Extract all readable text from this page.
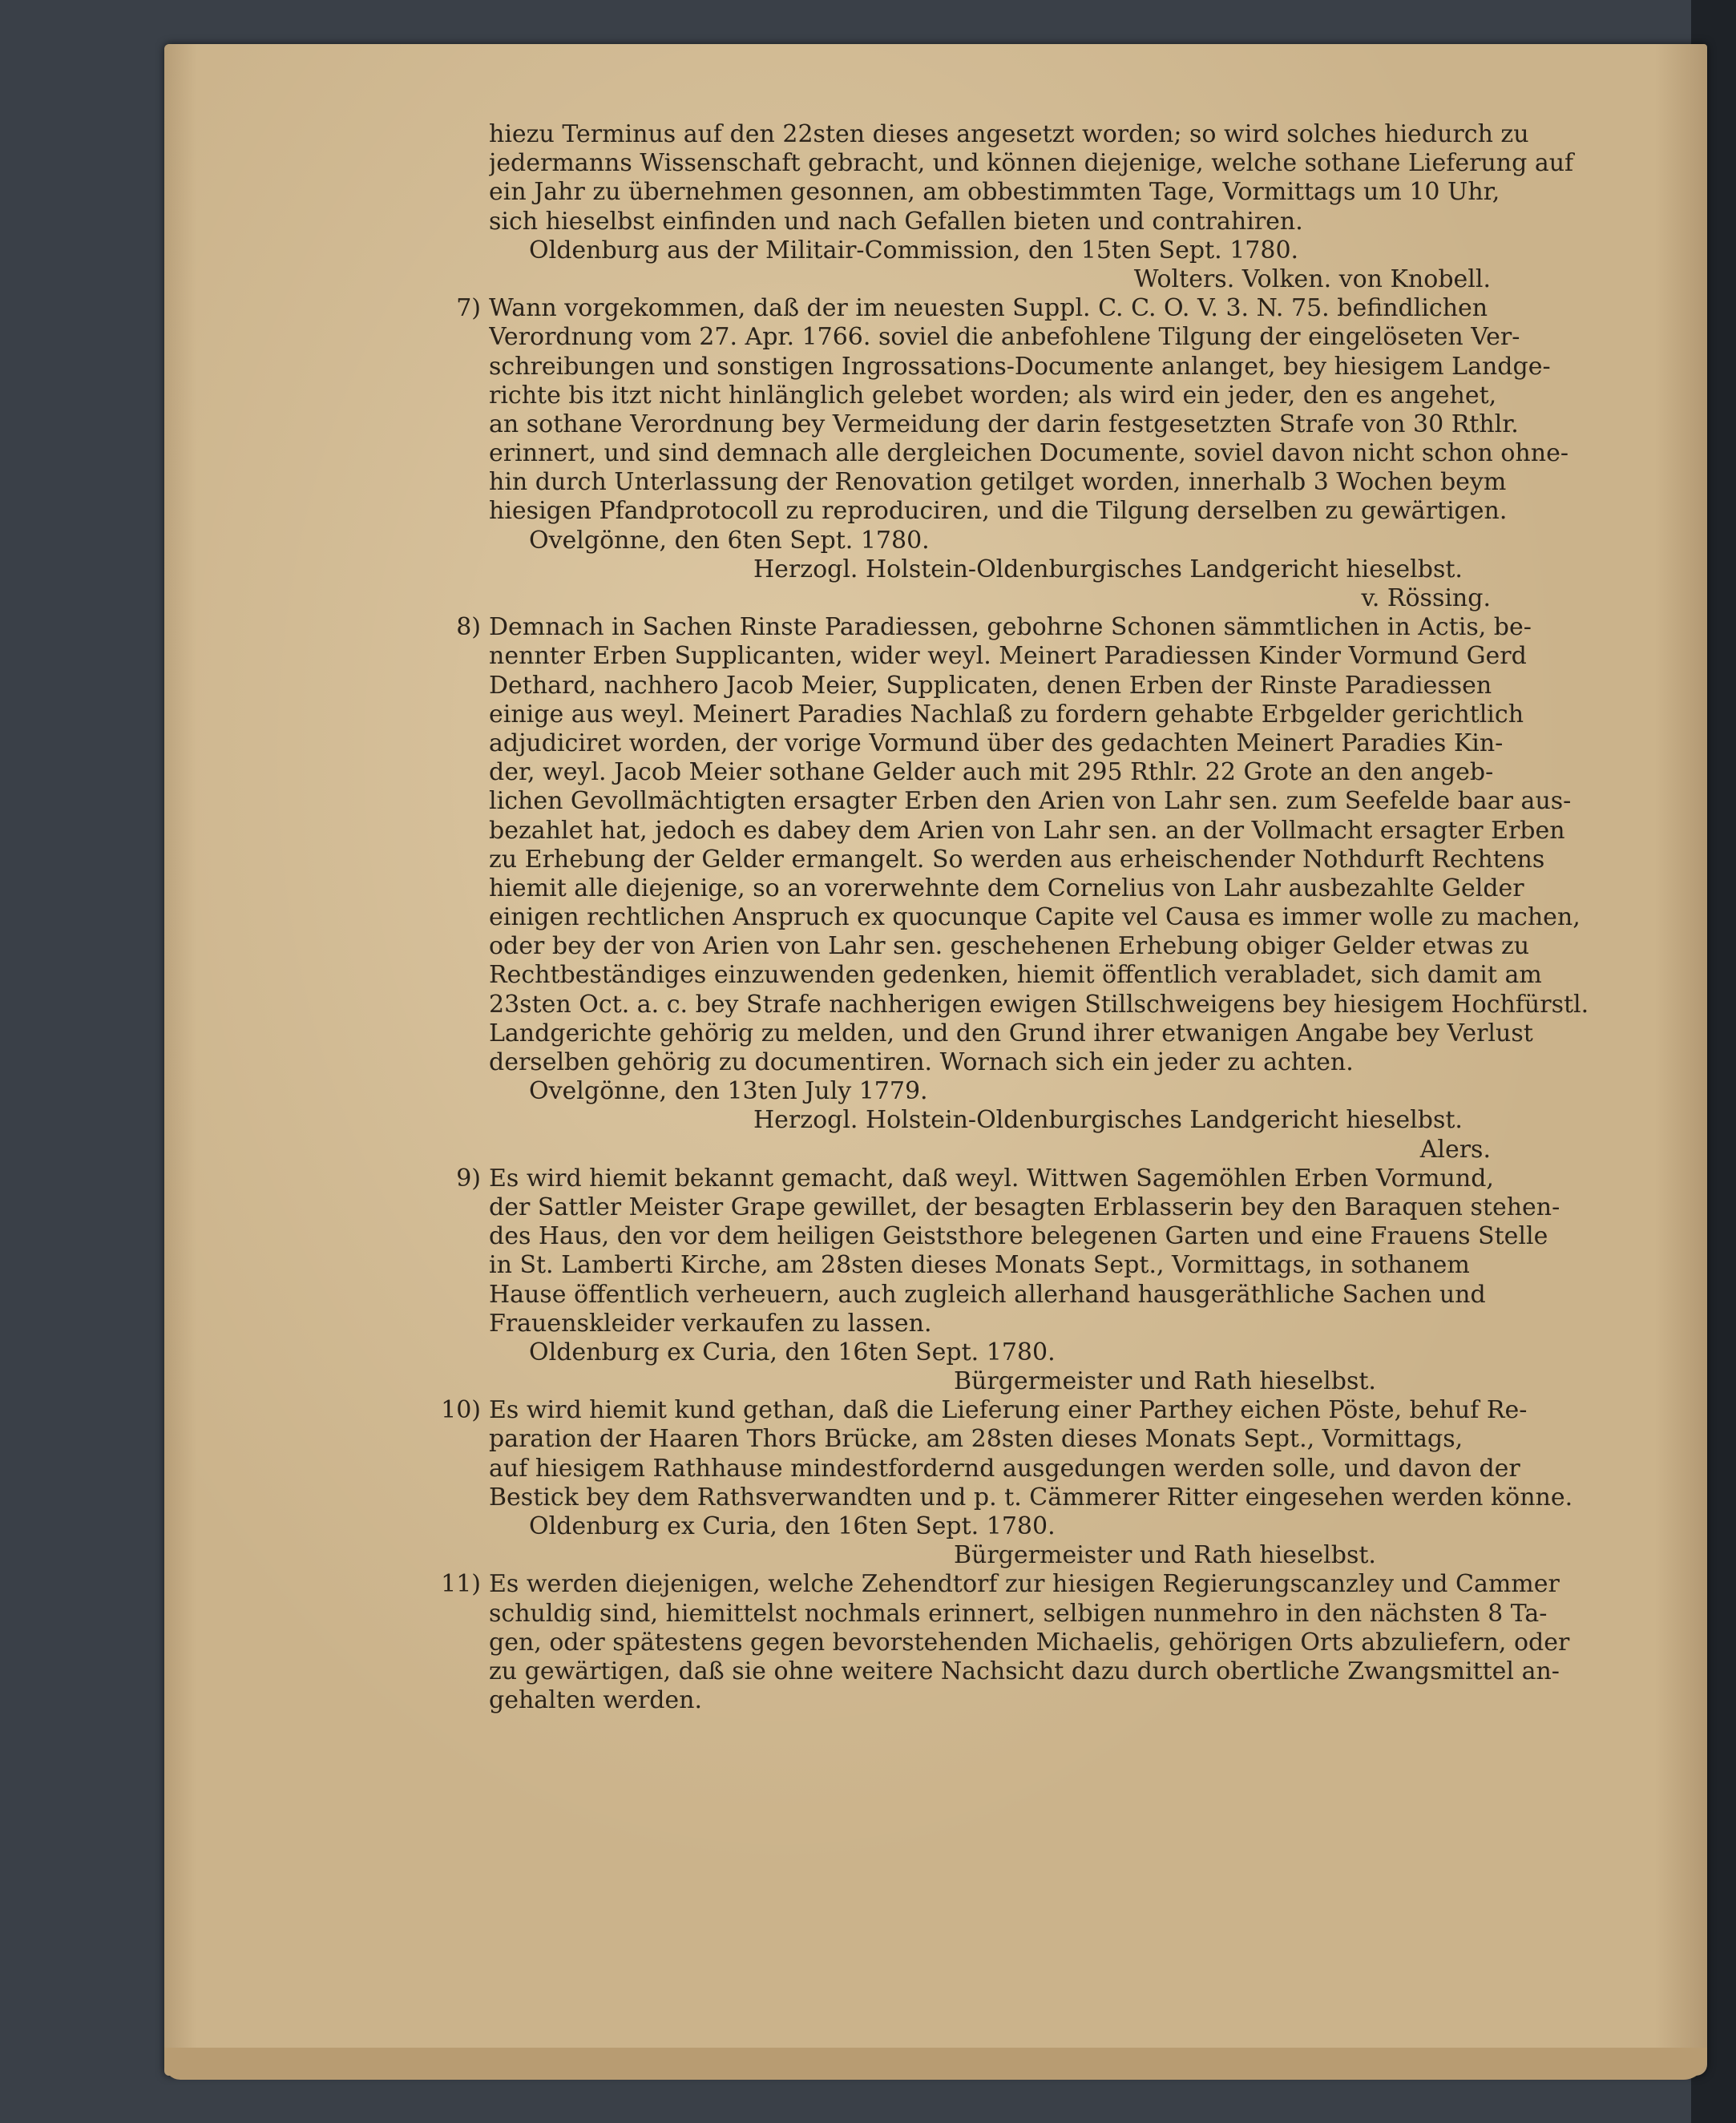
hiezu Terminus auf den 22sten dieses angesetzt worden; so wird solches hiedurch zu
jedermanns Wissenschaft gebracht, und können diejenige, welche sothane Lieferung auf
ein Jahr zu übernehmen gesonnen, am obbestimmten Tage, Vormittags um 10 Uhr,
sich hieselbst einfinden und nach Gefallen bieten und contrahiren.
Oldenburg aus der Militair-Commission, den 15ten Sept. 1780.
Wolters. Volken. von Knobell.
7) Wann vorgekommen, daß der im neuesten Suppl. C. C. O. V. 3. N. 75. befindlichen
Verordnung vom 27. Apr. 1766. soviel die anbefohlene Tilgung der eingelöseten Ver-
schreibungen und sonstigen Ingrossations-Documente anlanget, bey hiesigem Landge-
richte bis itzt nicht hinlänglich gelebet worden; als wird ein jeder, den es angehet,
an sothane Verordnung bey Vermeidung der darin festgesetzten Strafe von 30 Rthlr.
erinnert, und sind demnach alle dergleichen Documente, soviel davon nicht schon ohne-
hin durch Unterlassung der Renovation getilget worden, innerhalb 3 Wochen beym
hiesigen Pfandprotocoll zu reproduciren, und die Tilgung derselben zu gewärtigen.
Ovelgönne, den 6ten Sept. 1780.
Herzogl. Holstein-Oldenburgisches Landgericht hieselbst.
v. Rössing.
8) Demnach in Sachen Rinste Paradiessen, gebohrne Schonen sämmtlichen in Actis, be-
nennter Erben Supplicanten, wider weyl. Meinert Paradiessen Kinder Vormund Gerd
Dethard, nachhero Jacob Meier, Supplicaten, denen Erben der Rinste Paradiessen
einige aus weyl. Meinert Paradies Nachlaß zu fordern gehabte Erbgelder gerichtlich
adjudiciret worden, der vorige Vormund über des gedachten Meinert Paradies Kin-
der, weyl. Jacob Meier sothane Gelder auch mit 295 Rthlr. 22 Grote an den angeb-
lichen Gevollmächtigten ersagter Erben den Arien von Lahr sen. zum Seefelde baar aus-
bezahlet hat, jedoch es dabey dem Arien von Lahr sen. an der Vollmacht ersagter Erben
zu Erhebung der Gelder ermangelt. So werden aus erheischender Nothdurft Rechtens
hiemit alle diejenige, so an vorerwehnte dem Cornelius von Lahr ausbezahlte Gelder
einigen rechtlichen Anspruch ex quocunque Capite vel Causa es immer wolle zu machen,
oder bey der von Arien von Lahr sen. geschehenen Erhebung obiger Gelder etwas zu
Rechtbeständiges einzuwenden gedenken, hiemit öffentlich verabladet, sich damit am
23sten Oct. a. c. bey Strafe nachherigen ewigen Stillschweigens bey hiesigem Hochfürstl.
Landgerichte gehörig zu melden, und den Grund ihrer etwanigen Angabe bey Verlust
derselben gehörig zu documentiren. Wornach sich ein jeder zu achten.
Ovelgönne, den 13ten July 1779.
Herzogl. Holstein-Oldenburgisches Landgericht hieselbst.
Alers.
9) Es wird hiemit bekannt gemacht, daß weyl. Wittwen Sagemöhlen Erben Vormund,
der Sattler Meister Grape gewillet, der besagten Erblasserin bey den Baraquen stehen-
des Haus, den vor dem heiligen Geiststhore belegenen Garten und eine Frauens Stelle
in St. Lamberti Kirche, am 28sten dieses Monats Sept., Vormittags, in sothanem
Hause öffentlich verheuern, auch zugleich allerhand hausgeräthliche Sachen und
Frauenskleider verkaufen zu lassen.
Oldenburg ex Curia, den 16ten Sept. 1780.
Bürgermeister und Rath hieselbst.
10) Es wird hiemit kund gethan, daß die Lieferung einer Parthey eichen Pöste, behuf Re-
paration der Haaren Thors Brücke, am 28sten dieses Monats Sept., Vormittags,
auf hiesigem Rathhause mindestfordernd ausgedungen werden solle, und davon der
Bestick bey dem Rathsverwandten und p. t. Cämmerer Ritter eingesehen werden könne.
Oldenburg ex Curia, den 16ten Sept. 1780.
Bürgermeister und Rath hieselbst.
11) Es werden diejenigen, welche Zehendtorf zur hiesigen Regierungscanzley und Cammer
schuldig sind, hiemittelst nochmals erinnert, selbigen nunmehro in den nächsten 8 Ta-
gen, oder spätestens gegen bevorstehenden Michaelis, gehörigen Orts abzuliefern, oder
zu gewärtigen, daß sie ohne weitere Nachsicht dazu durch obertliche Zwangsmittel an-
gehalten werden.
